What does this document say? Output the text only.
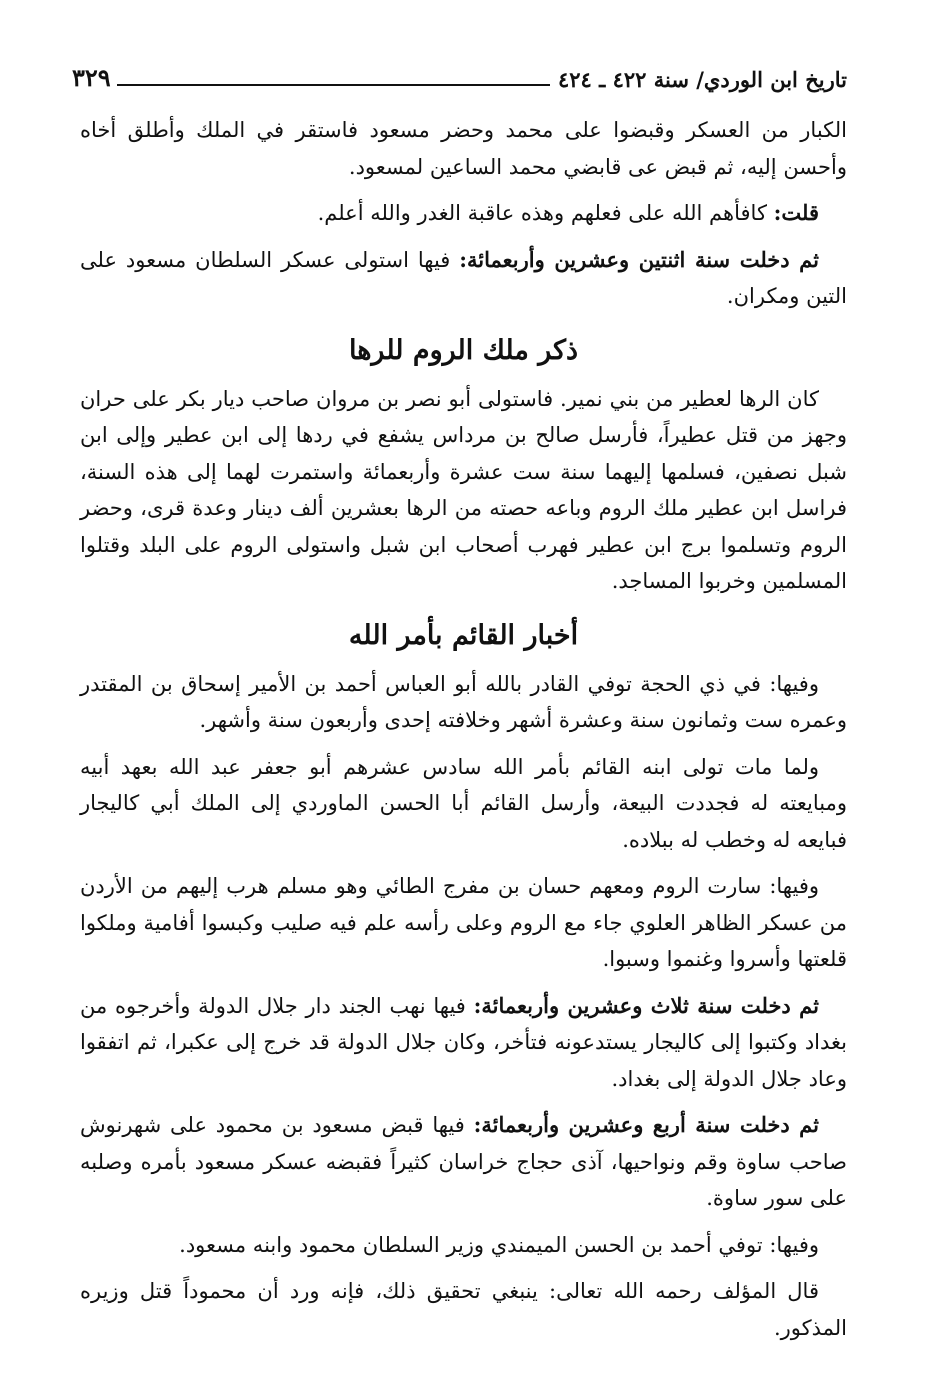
تاريخ ابن الوردي/ سنة ٤٢٢ ـ ٤٢٤
٣٢٩

الكبار من العسكر وقبضوا على محمد وحضر مسعود فاستقر في الملك وأطلق أخاه وأحسن إليه، ثم قبض عى قابضي محمد الساعين لمسعود.

قلت: كافأهم الله على فعلهم وهذه عاقبة الغدر والله أعلم.

ثم دخلت سنة اثنتين وعشرين وأربعمائة: فيها استولى عسكر السلطان مسعود على التين ومكران.

ذكر ملك الروم للرها

كان الرها لعطير من بني نمير. فاستولى أبو نصر بن مروان صاحب ديار بكر على حران وجهز من قتل عطيراً، فأرسل صالح بن مرداس يشفع في ردها إلى ابن عطير وإلى ابن شبل نصفين، فسلمها إليهما سنة ست عشرة وأربعمائة واستمرت لهما إلى هذه السنة، فراسل ابن عطير ملك الروم وباعه حصته من الرها بعشرين ألف دينار وعدة قرى، وحضر الروم وتسلموا برج ابن عطير فهرب أصحاب ابن شبل واستولى الروم على البلد وقتلوا المسلمين وخربوا المساجد.

أخبار القائم بأمر الله

وفيها: في ذي الحجة توفي القادر بالله أبو العباس أحمد بن الأمير إسحاق بن المقتدر وعمره ست وثمانون سنة وعشرة أشهر وخلافته إحدى وأربعون سنة وأشهر.

ولما مات تولى ابنه القائم بأمر الله سادس عشرهم أبو جعفر عبد الله بعهد أبيه ومبايعته له فجددت البيعة، وأرسل القائم أبا الحسن الماوردي إلى الملك أبي كاليجار فبايعه له وخطب له ببلاده.

وفيها: سارت الروم ومعهم حسان بن مفرج الطائي وهو مسلم هرب إليهم من الأردن من عسكر الظاهر العلوي جاء مع الروم وعلى رأسه علم فيه صليب وكبسوا أفامية وملكوا قلعتها وأسروا وغنموا وسبوا.

ثم دخلت سنة ثلاث وعشرين وأربعمائة: فيها نهب الجند دار جلال الدولة وأخرجوه من بغداد وكتبوا إلى كاليجار يستدعونه فتأخر، وكان جلال الدولة قد خرج إلى عكبرا، ثم اتفقوا وعاد جلال الدولة إلى بغداد.

ثم دخلت سنة أربع وعشرين وأربعمائة: فيها قبض مسعود بن محمود على شهرنوش صاحب ساوة وقم ونواحيها، آذى حجاج خراسان كثيراً فقبضه عسكر مسعود بأمره وصلبه على سور ساوة.

وفيها: توفي أحمد بن الحسن الميمندي وزير السلطان محمود وابنه مسعود.

قال المؤلف رحمه الله تعالى: ينبغي تحقيق ذلك، فإنه ورد أن محموداً قتل وزيره المذكور.
